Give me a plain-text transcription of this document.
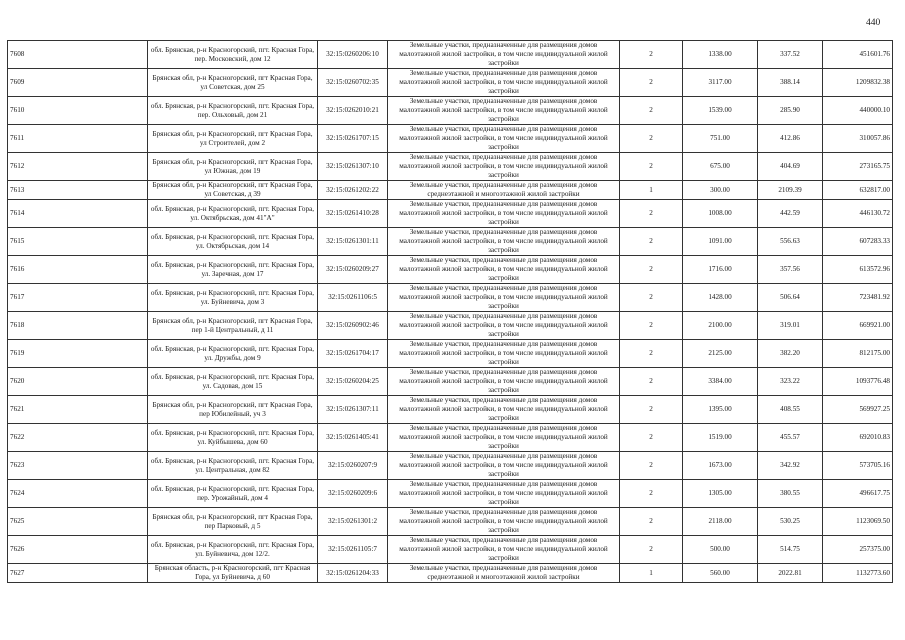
440
7608	обл. Брянская, р-н Красногорский, пгт. Красная Гора, пер. Московский, дом 12	32:15:0260206:10	Земельные участки, предназначенные для размещения домов малоэтажной жилой застройки, в том числе индивидуальной жилой застройки	2	1338.00	337.52	451601.76
7609	Брянская обл, р-н Красногорский, пгт Красная Гора, ул Советская, дом 25	32:15:0260702:35	Земельные участки, предназначенные для размещения домов малоэтажной жилой застройки, в том числе индивидуальной жилой застройки	2	3117.00	388.14	1209832.38
7610	обл. Брянская, р-н Красногорский, пгт. Красная Гора, пер. Ольховый, дом 21	32:15:0262010:21	Земельные участки, предназначенные для размещения домов малоэтажной жилой застройки, в том числе индивидуальной жилой застройки	2	1539.00	285.90	440000.10
7611	Брянская обл, р-н Красногорский, пгт Красная Гора, ул Строителей, дом 2	32:15:0261707:15	Земельные участки, предназначенные для размещения домов малоэтажной жилой застройки, в том числе индивидуальной жилой застройки	2	751.00	412.86	310057.86
7612	Брянская обл, р-н Красногорский, пгт Красная Гора, ул Южная, дом 19	32:15:0261307:10	Земельные участки, предназначенные для размещения домов малоэтажной жилой застройки, в том числе индивидуальной жилой застройки	2	675.00	404.69	273165.75
7613	Брянская обл, р-н Красногорский, пгт Красная Гора, ул Советская, д 39	32:15:0261202:22	Земельные участки, предназначенные для размещения домов среднеэтажной и многоэтажной жилой застройки	1	300.00	2109.39	632817.00
7614	обл. Брянская, р-н Красногорский, пгт. Красная Гора, ул. Октябрьская, дом 41"А"	32:15:0261410:28	Земельные участки, предназначенные для размещения домов малоэтажной жилой застройки, в том числе индивидуальной жилой застройки	2	1008.00	442.59	446130.72
7615	обл. Брянская, р-н Красногорский, пгт. Красная Гора, ул. Октябрьская, дом 14	32:15:0261301:11	Земельные участки, предназначенные для размещения домов малоэтажной жилой застройки, в том числе индивидуальной жилой застройки	2	1091.00	556.63	607283.33
7616	обл. Брянская, р-н Красногорский, пгт. Красная Гора, ул. Заречная, дом 17	32:15:0260209:27	Земельные участки, предназначенные для размещения домов малоэтажной жилой застройки, в том числе индивидуальной жилой застройки	2	1716.00	357.56	613572.96
7617	обл. Брянская, р-н Красногорский, пгт. Красная Гора, ул. Буйневича, дом 3	32:15:0261106:5	Земельные участки, предназначенные для размещения домов малоэтажной жилой застройки, в том числе индивидуальной жилой застройки	2	1428.00	506.64	723481.92
7618	Брянская обл, р-н Красногорский, пгт Красная Гора, пер 1-й Центральный, д 11	32:15:0260902:46	Земельные участки, предназначенные для размещения домов малоэтажной жилой застройки, в том числе индивидуальной жилой застройки	2	2100.00	319.01	669921.00
7619	обл. Брянская, р-н Красногорский, пгт. Красная Гора, ул. Дружбы, дом 9	32:15:0261704:17	Земельные участки, предназначенные для размещения домов малоэтажной жилой застройки, в том числе индивидуальной жилой застройки	2	2125.00	382.20	812175.00
7620	обл. Брянская, р-н Красногорский, пгт. Красная Гора, ул. Садовая, дом 15	32:15:0260204:25	Земельные участки, предназначенные для размещения домов малоэтажной жилой застройки, в том числе индивидуальной жилой застройки	2	3384.00	323.22	1093776.48
7621	Брянская обл, р-н Красногорский, пгт Красная Гора, пер Юбилейный, уч 3	32:15:0261307:11	Земельные участки, предназначенные для размещения домов малоэтажной жилой застройки, в том числе индивидуальной жилой застройки	2	1395.00	408.55	569927.25
7622	обл. Брянская, р-н Красногорский, пгт. Красная Гора, ул. Куйбышева, дом 60	32:15:0261405:41	Земельные участки, предназначенные для размещения домов малоэтажной жилой застройки, в том числе индивидуальной жилой застройки	2	1519.00	455.57	692010.83
7623	обл. Брянская, р-н Красногорский, пгт. Красная Гора, ул. Центральная, дом 82	32:15:0260207:9	Земельные участки, предназначенные для размещения домов малоэтажной жилой застройки, в том числе индивидуальной жилой застройки	2	1673.00	342.92	573705.16
7624	обл. Брянская, р-н Красногорский, пгт. Красная Гора, пер. Урожайный, дом 4	32:15:0260209:6	Земельные участки, предназначенные для размещения домов малоэтажной жилой застройки, в том числе индивидуальной жилой застройки	2	1305.00	380.55	496617.75
7625	Брянская обл, р-н Красногорский, пгт Красная Гора, пер Парковый, д 5	32:15:0261301:2	Земельные участки, предназначенные для размещения домов малоэтажной жилой застройки, в том числе индивидуальной жилой застройки	2	2118.00	530.25	1123069.50
7626	обл. Брянская, р-н Красногорский, пгт. Красная Гора, ул. Буйневича, дом 12/2.	32:15:0261105:7	Земельные участки, предназначенные для размещения домов малоэтажной жилой застройки, в том числе индивидуальной жилой застройки	2	500.00	514.75	257375.00
7627	Брянская область, р-н Красногорский, пгт Красная Гора, ул Буйневича, д 60	32:15:0261204:33	Земельные участки, предназначенные для размещения домов среднеэтажной и многоэтажной жилой застройки	1	560.00	2022.81	1132773.60
